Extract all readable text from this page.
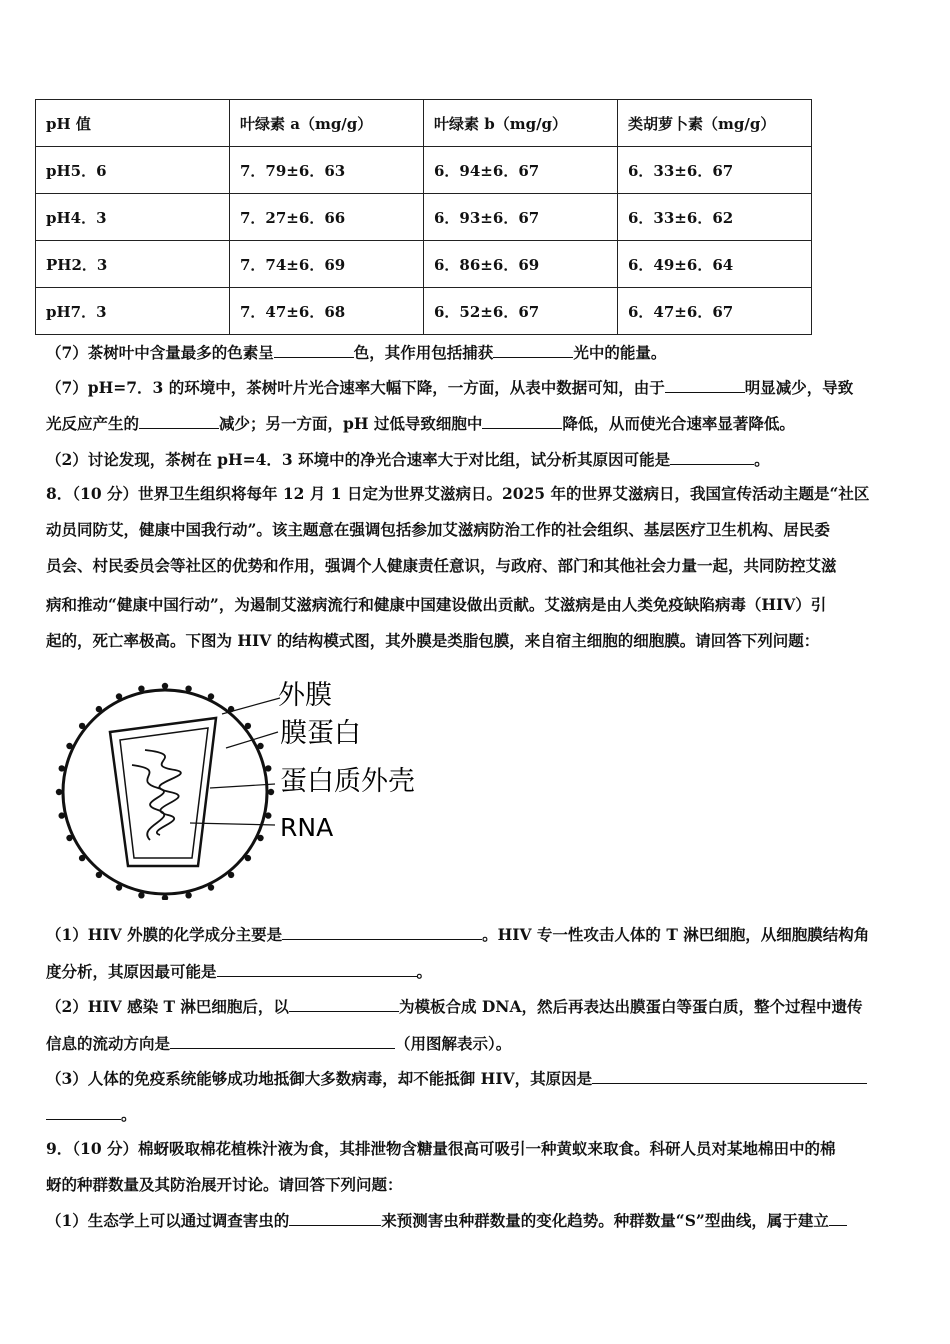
pH 值	叶绿素 a（mg/g）	叶绿素 b（mg/g）	类胡萝卜素（mg/g）
pH5．6	7．79±6．63	6．94±6．67	6．33±6．67
pH4．3	7．27±6．66	6．93±6．67	6．33±6．62
PH2．3	7．74±6．69	6．86±6．69	6．49±6．64
pH7．3	7．47±6．68	6．52±6．67	6．47±6．67
（7）茶树叶中含量最多的色素呈	色，其作用包括捕获	光中的能量。
（7）pH=7．3 的环境中，茶树叶片光合速率大幅下降，一方面，从表中数据可知，由于	明显减少，导致
光反应产生的	减少；另一方面，pH 过低导致细胞中	降低，从而使光合速率显著降低。
（2）讨论发现，茶树在 pH=4．3 环境中的净光合速率大于对比组，试分析其原因可能是	。
8．（10 分）世界卫生组织将每年 12 月 1 日定为世界艾滋病日。2025 年的世界艾滋病日，我国宣传活动主题是“社区
动员同防艾，健康中国我行动”。该主题意在强调包括参加艾滋病防治工作的社会组织、基层医疗卫生机构、居民委
员会、村民委员会等社区的优势和作用，强调个人健康责任意识，与政府、部门和其他社会力量一起，共同防控艾滋
病和推动“健康中国行动”，为遏制艾滋病流行和健康中国建设做出贡献。艾滋病是由人类免疫缺陷病毒（HIV）引
起的，死亡率极高。下图为 HIV 的结构模式图，其外膜是类脂包膜，来自宿主细胞的细胞膜。请回答下列问题：
外膜
膜蛋白
蛋白质外壳
RNA
（1）HIV 外膜的化学成分主要是	。HIV 专一性攻击人体的 T 淋巴细胞，从细胞膜结构角
度分析，其原因最可能是	。
（2）HIV 感染 T 淋巴细胞后，以	为模板合成 DNA，然后再表达出膜蛋白等蛋白质，整个过程中遗传
信息的流动方向是	（用图解表示）。
（3）人体的免疫系统能够成功地抵御大多数病毒，却不能抵御 HIV，其原因是
。
9．（10 分）棉蚜吸取棉花植株汁液为食，其排泄物含糖量很高可吸引一种黄蚁来取食。科研人员对某地棉田中的棉
蚜的种群数量及其防治展开讨论。请回答下列问题：
（1）生态学上可以通过调查害虫的	来预测害虫种群数量的变化趋势。种群数量“S”型曲线，属于建立
